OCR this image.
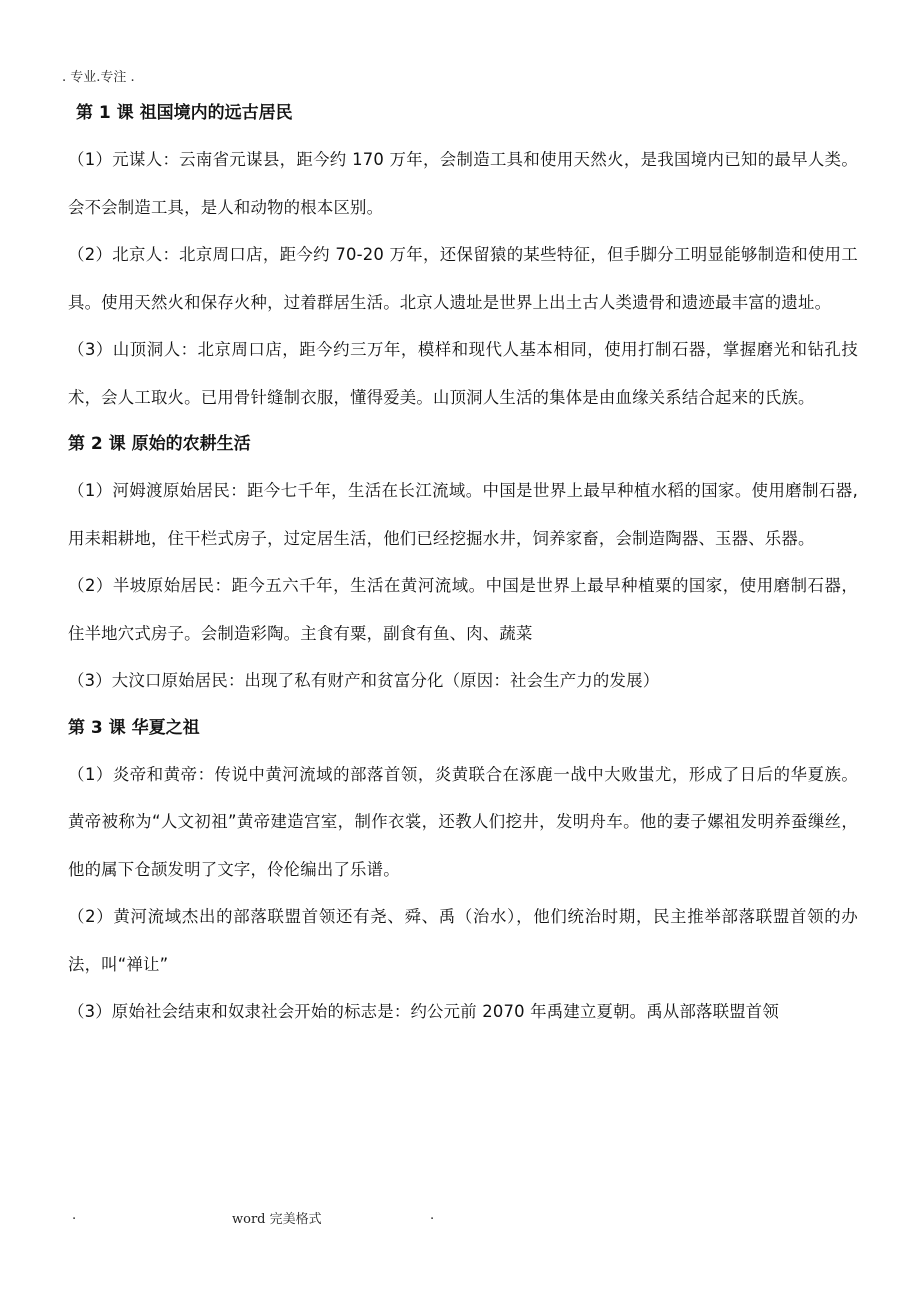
. 专业.专注 .
第 1 课 祖国境内的远古居民

（1）元谋人：云南省元谋县，距今约 170 万年，会制造工具和使用天然火，是我国境内已知的最早人类。会不会制造工具，是人和动物的根本区别。

（2）北京人：北京周口店，距今约 70-20 万年，还保留猿的某些特征，但手脚分工明显能够制造和使用工具。使用天然火和保存火种，过着群居生活。北京人遗址是世界上出土古人类遗骨和遗迹最丰富的遗址。

（3）山顶洞人：北京周口店，距今约三万年，模样和现代人基本相同，使用打制石器，掌握磨光和钻孔技术，会人工取火。已用骨针缝制衣服，懂得爱美。山顶洞人生活的集体是由血缘关系结合起来的氏族。

第 2 课 原始的农耕生活

（1）河姆渡原始居民：距今七千年，生活在长江流域。中国是世界上最早种植水稻的国家。使用磨制石器,用耒耜耕地，住干栏式房子，过定居生活，他们已经挖掘水井，饲养家畜，会制造陶器、玉器、乐器。

（2）半坡原始居民：距今五六千年，生活在黄河流域。中国是世界上最早种植粟的国家，使用磨制石器，住半地穴式房子。会制造彩陶。主食有粟，副食有鱼、肉、蔬菜

（3）大汶口原始居民：出现了私有财产和贫富分化（原因：社会生产力的发展）

第 3 课 华夏之祖

（1）炎帝和黄帝：传说中黄河流域的部落首领，炎黄联合在涿鹿一战中大败蚩尤，形成了日后的华夏族。黄帝被称为“人文初祖”黄帝建造宫室，制作衣裳，还教人们挖井，发明舟车。他的妻子嫘祖发明养蚕缫丝，他的属下仓颉发明了文字，伶伦编出了乐谱。

（2）黄河流域杰出的部落联盟首领还有尧、舜、禹（治水），他们统治时期，民主推举部落联盟首领的办法，叫“禅让”

（3）原始社会结束和奴隶社会开始的标志是：约公元前 2070 年禹建立夏朝。禹从部落联盟首领

.	word 完美格式	.
